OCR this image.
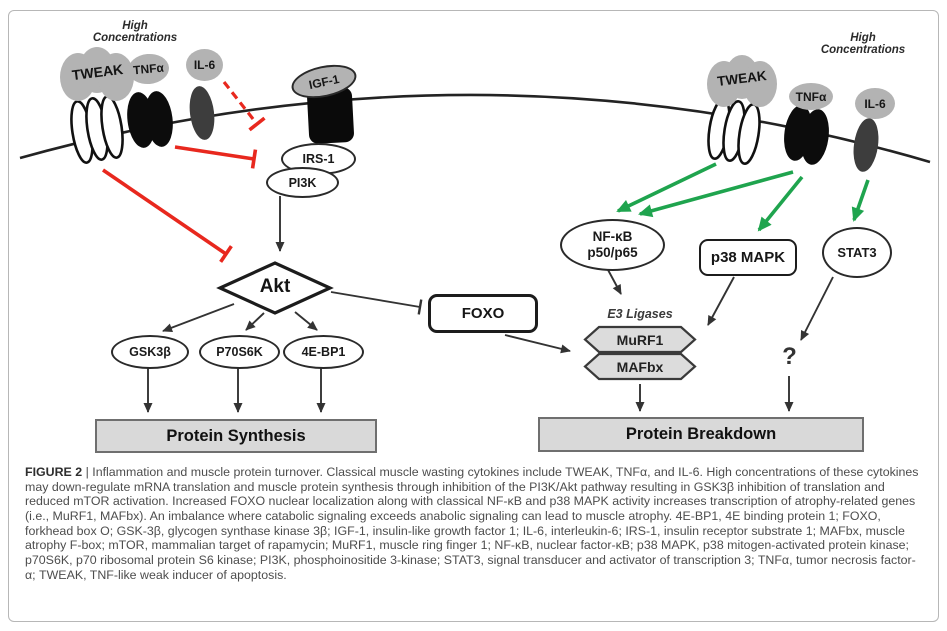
High
Concentrations
TWEAK TNFα IL-6
IGF-1
IRS-1
PI3K
Akt
GSK3β	P70S6K	4E-BP1
Protein Synthesis
FOXO	E3 Ligases
MuRF1
MAFbx	?
Protein Breakdown
NF-κB
p50/p65	p38 MAPK	STAT3
High
Concentrations
TWEAK
TNFα	IL-6
FIGURE 2 | Inflammation and muscle protein turnover. Classical muscle wasting cytokines include TWEAK, TNFα, and IL-6. High concentrations of these cytokines may down-regulate mRNA translation and muscle protein synthesis through inhibition of the PI3K/Akt pathway resulting in GSK3β inhibition of translation and reduced mTOR activation. Increased FOXO nuclear localization along with classical NF-κB and p38 MAPK activity increases transcription of atrophy-related genes (i.e., MuRF1, MAFbx). An imbalance where catabolic signaling exceeds anabolic signaling can lead to muscle atrophy. 4E-BP1, 4E binding protein 1; FOXO, forkhead box O; GSK-3β, glycogen synthase kinase 3β; IGF-1, insulin-like growth factor 1; IL-6, interleukin-6; IRS-1, insulin receptor substrate 1; MAFbx, muscle atrophy F-box; mTOR, mammalian target of rapamycin; MuRF1, muscle ring finger 1; NF-κB, nuclear factor-κB; p38 MAPK, p38 mitogen-activated protein kinase; p70S6K, p70 ribosomal protein S6 kinase; PI3K, phosphoinositide 3-kinase; STAT3, signal transducer and activator of transcription 3; TNFα, tumor necrosis factor-α; TWEAK, TNF-like weak inducer of apoptosis.
